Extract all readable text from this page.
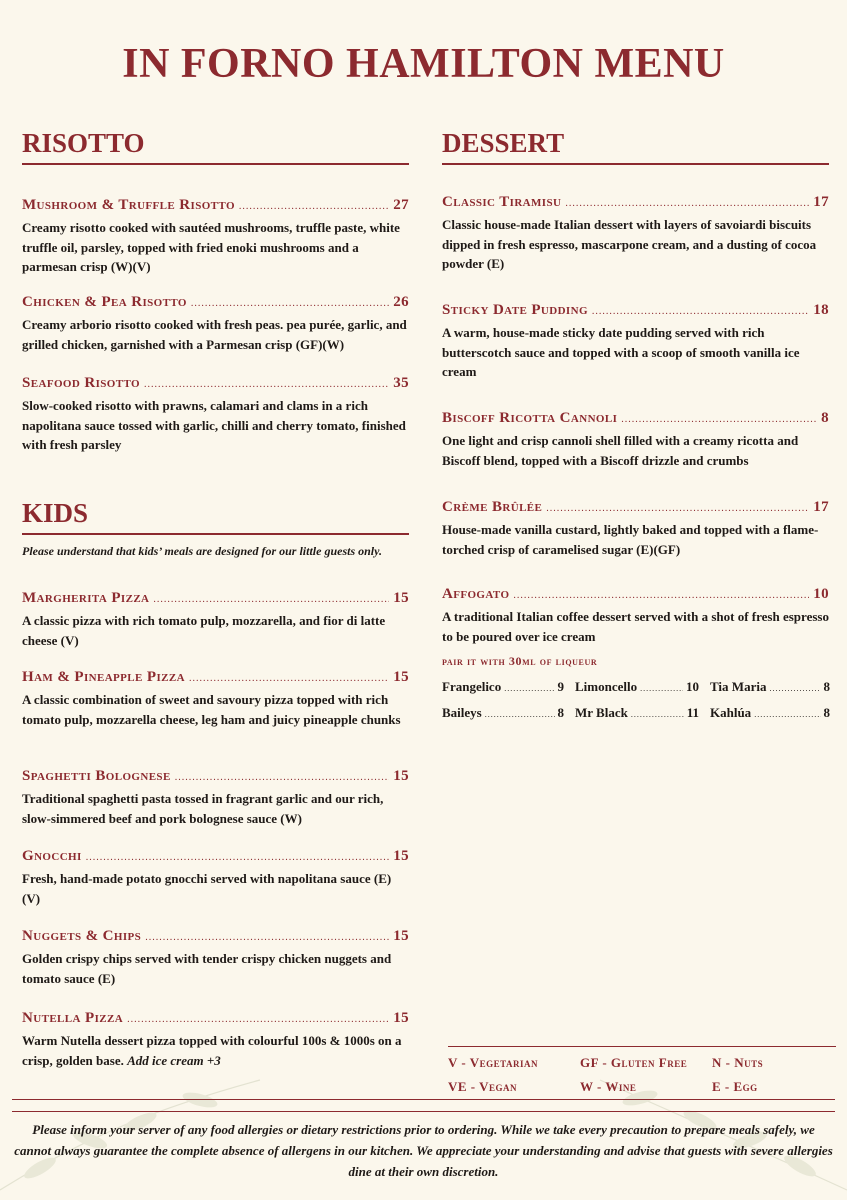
IN FORNO HAMILTON MENU
RISOTTO
Mushroom & Truffle Risotto .....	27
Creamy risotto cooked with sautéed mushrooms, truffle paste, white truffle oil, parsley, topped with fried enoki mushrooms and a parmesan crisp (W)(V)
Chicken & Pea Risotto .....	26
Creamy arborio risotto cooked with fresh peas. pea purée, garlic, and grilled chicken, garnished with a Parmesan crisp (GF)(W)
Seafood Risotto .....	35
Slow-cooked risotto with prawns, calamari and clams in a rich napolitana sauce tossed with garlic, chilli and cherry tomato, finished with fresh parsley
KIDS
Please understand that kids’ meals are designed for our little guests only.
Margherita Pizza .....	15
A classic pizza with rich tomato pulp, mozzarella, and fior di latte cheese (V)
Ham & Pineapple Pizza .....	15
A classic combination of sweet and savoury pizza topped with rich tomato pulp, mozzarella cheese, leg ham and juicy pineapple chunks
Spaghetti Bolognese .....	15
Traditional spaghetti pasta tossed in fragrant garlic and our rich, slow-simmered beef and pork bolognese sauce (W)
Gnocchi .....	15
Fresh, hand-made potato gnocchi served with napolitana sauce (E) (V)
Nuggets & Chips .....	15
Golden crispy chips served with tender crispy chicken nuggets and tomato sauce (E)
Nutella Pizza .....	15
Warm Nutella dessert pizza topped with colourful 100s & 1000s on a crisp, golden base. Add ice cream +3
DESSERT
Classic Tiramisu .....	17
Classic house-made Italian dessert with layers of savoiardi biscuits dipped in fresh espresso, mascarpone cream, and a dusting of cocoa powder (E)
Sticky Date Pudding .....	18
A warm, house-made sticky date pudding served with rich butterscotch sauce and topped with a scoop of smooth vanilla ice cream
Biscoff Ricotta Cannoli .....	8
One light and crisp cannoli shell filled with a creamy ricotta and Biscoff blend, topped with a Biscoff drizzle and crumbs
Crème Brûlée .....	17
House-made vanilla custard, lightly baked and topped with a flame-torched crisp of caramelised sugar (E)(GF)
Affogato .....	10
A traditional Italian coffee dessert served with a shot of fresh espresso to be poured over ice cream
pair it with 30ml of liqueur
Frangelico .....	9 Limoncello .....	10 Tia Maria .....	8
Baileys .....	8 Mr Black .....	11 Kahlúa .....	8
V - Vegetarian	GF - Gluten Free	N - Nuts
VE - Vegan	W - Wine	E - Egg
Please inform your server of any food allergies or dietary restrictions prior to ordering. While we take every precaution to prepare meals safely, we cannot always guarantee the complete absence of allergens in our kitchen. We appreciate your understanding and advise that guests with severe allergies dine at their own discretion.
